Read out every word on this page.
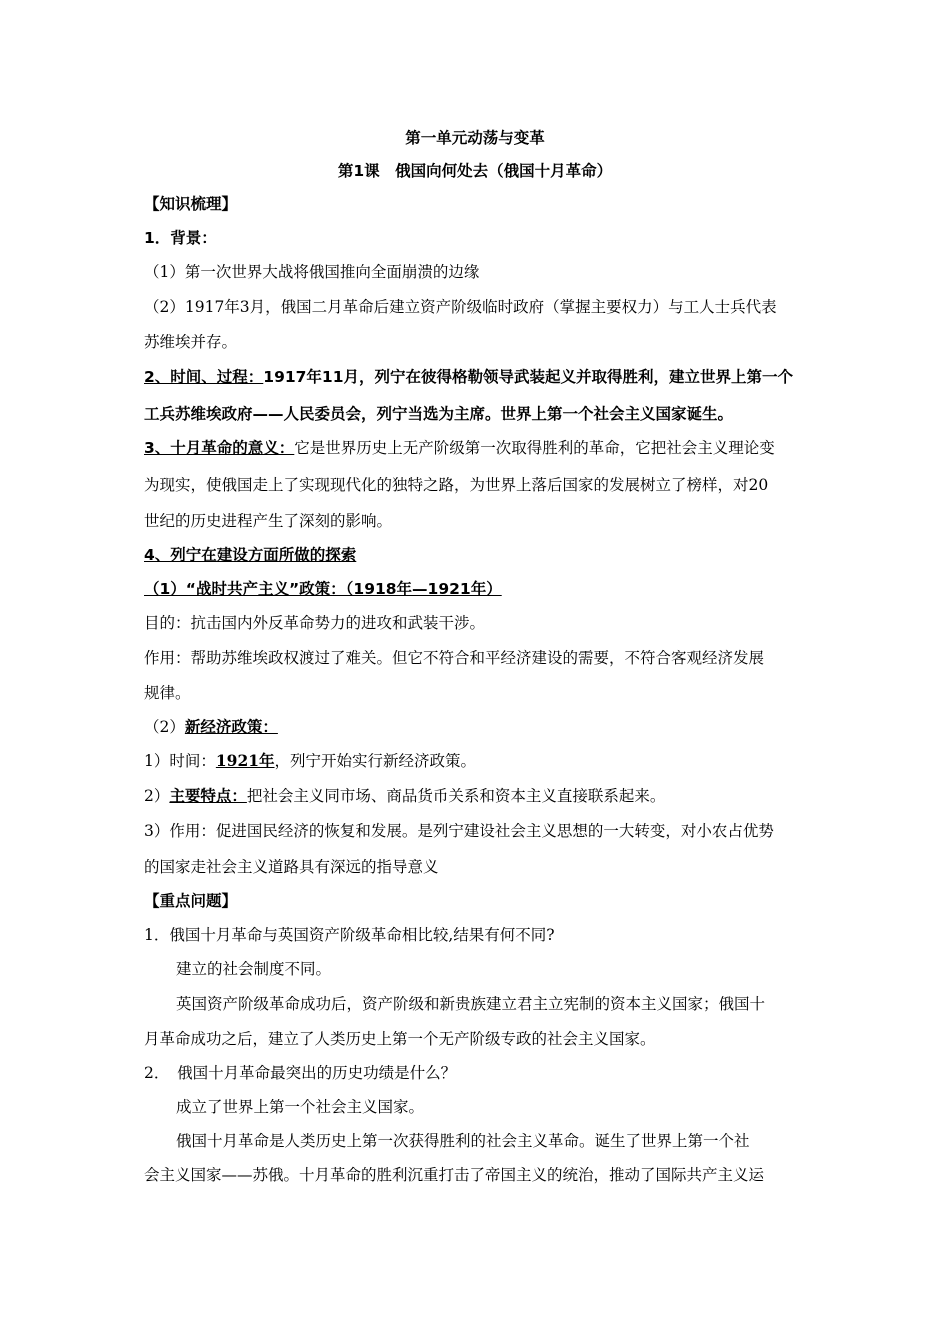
第一单元动荡与变革
第1课　俄国向何处去（俄国十月革命）
【知识梳理】
1．背景：
（1）第一次世界大战将俄国推向全面崩溃的边缘
（2）1917年3月，俄国二月革命后建立资产阶级临时政府（掌握主要权力）与工人士兵代表
苏维埃并存。
2、时间、过程：1917年11月，列宁在彼得格勒领导武装起义并取得胜利，建立世界上第一个
工兵苏维埃政府——人民委员会，列宁当选为主席。世界上第一个社会主义国家诞生。
3、十月革命的意义：它是世界历史上无产阶级第一次取得胜利的革命，它把社会主义理论变
为现实，使俄国走上了实现现代化的独特之路，为世界上落后国家的发展树立了榜样，对20
世纪的历史进程产生了深刻的影响。
4、列宁在建设方面所做的探索
（1）“战时共产主义”政策：（1918年—1921年）
目的：抗击国内外反革命势力的进攻和武装干涉。
作用：帮助苏维埃政权渡过了难关。但它不符合和平经济建设的需要，不符合客观经济发展
规律。
（2）新经济政策：
1）时间：1921年，列宁开始实行新经济政策。
2）主要特点：把社会主义同市场、商品货币关系和资本主义直接联系起来。
3）作用：促进国民经济的恢复和发展。是列宁建设社会主义思想的一大转变，对小农占优势
的国家走社会主义道路具有深远的指导意义
【重点问题】
1．俄国十月革命与英国资产阶级革命相比较,结果有何不同?
建立的社会制度不同。
英国资产阶级革命成功后，资产阶级和新贵族建立君主立宪制的资本主义国家；俄国十
月革命成功之后，建立了人类历史上第一个无产阶级专政的社会主义国家。
2．　俄国十月革命最突出的历史功绩是什么？
成立了世界上第一个社会主义国家。
俄国十月革命是人类历史上第一次获得胜利的社会主义革命。诞生了世界上第一个社
会主义国家——苏俄。十月革命的胜利沉重打击了帝国主义的统治，推动了国际共产主义运
